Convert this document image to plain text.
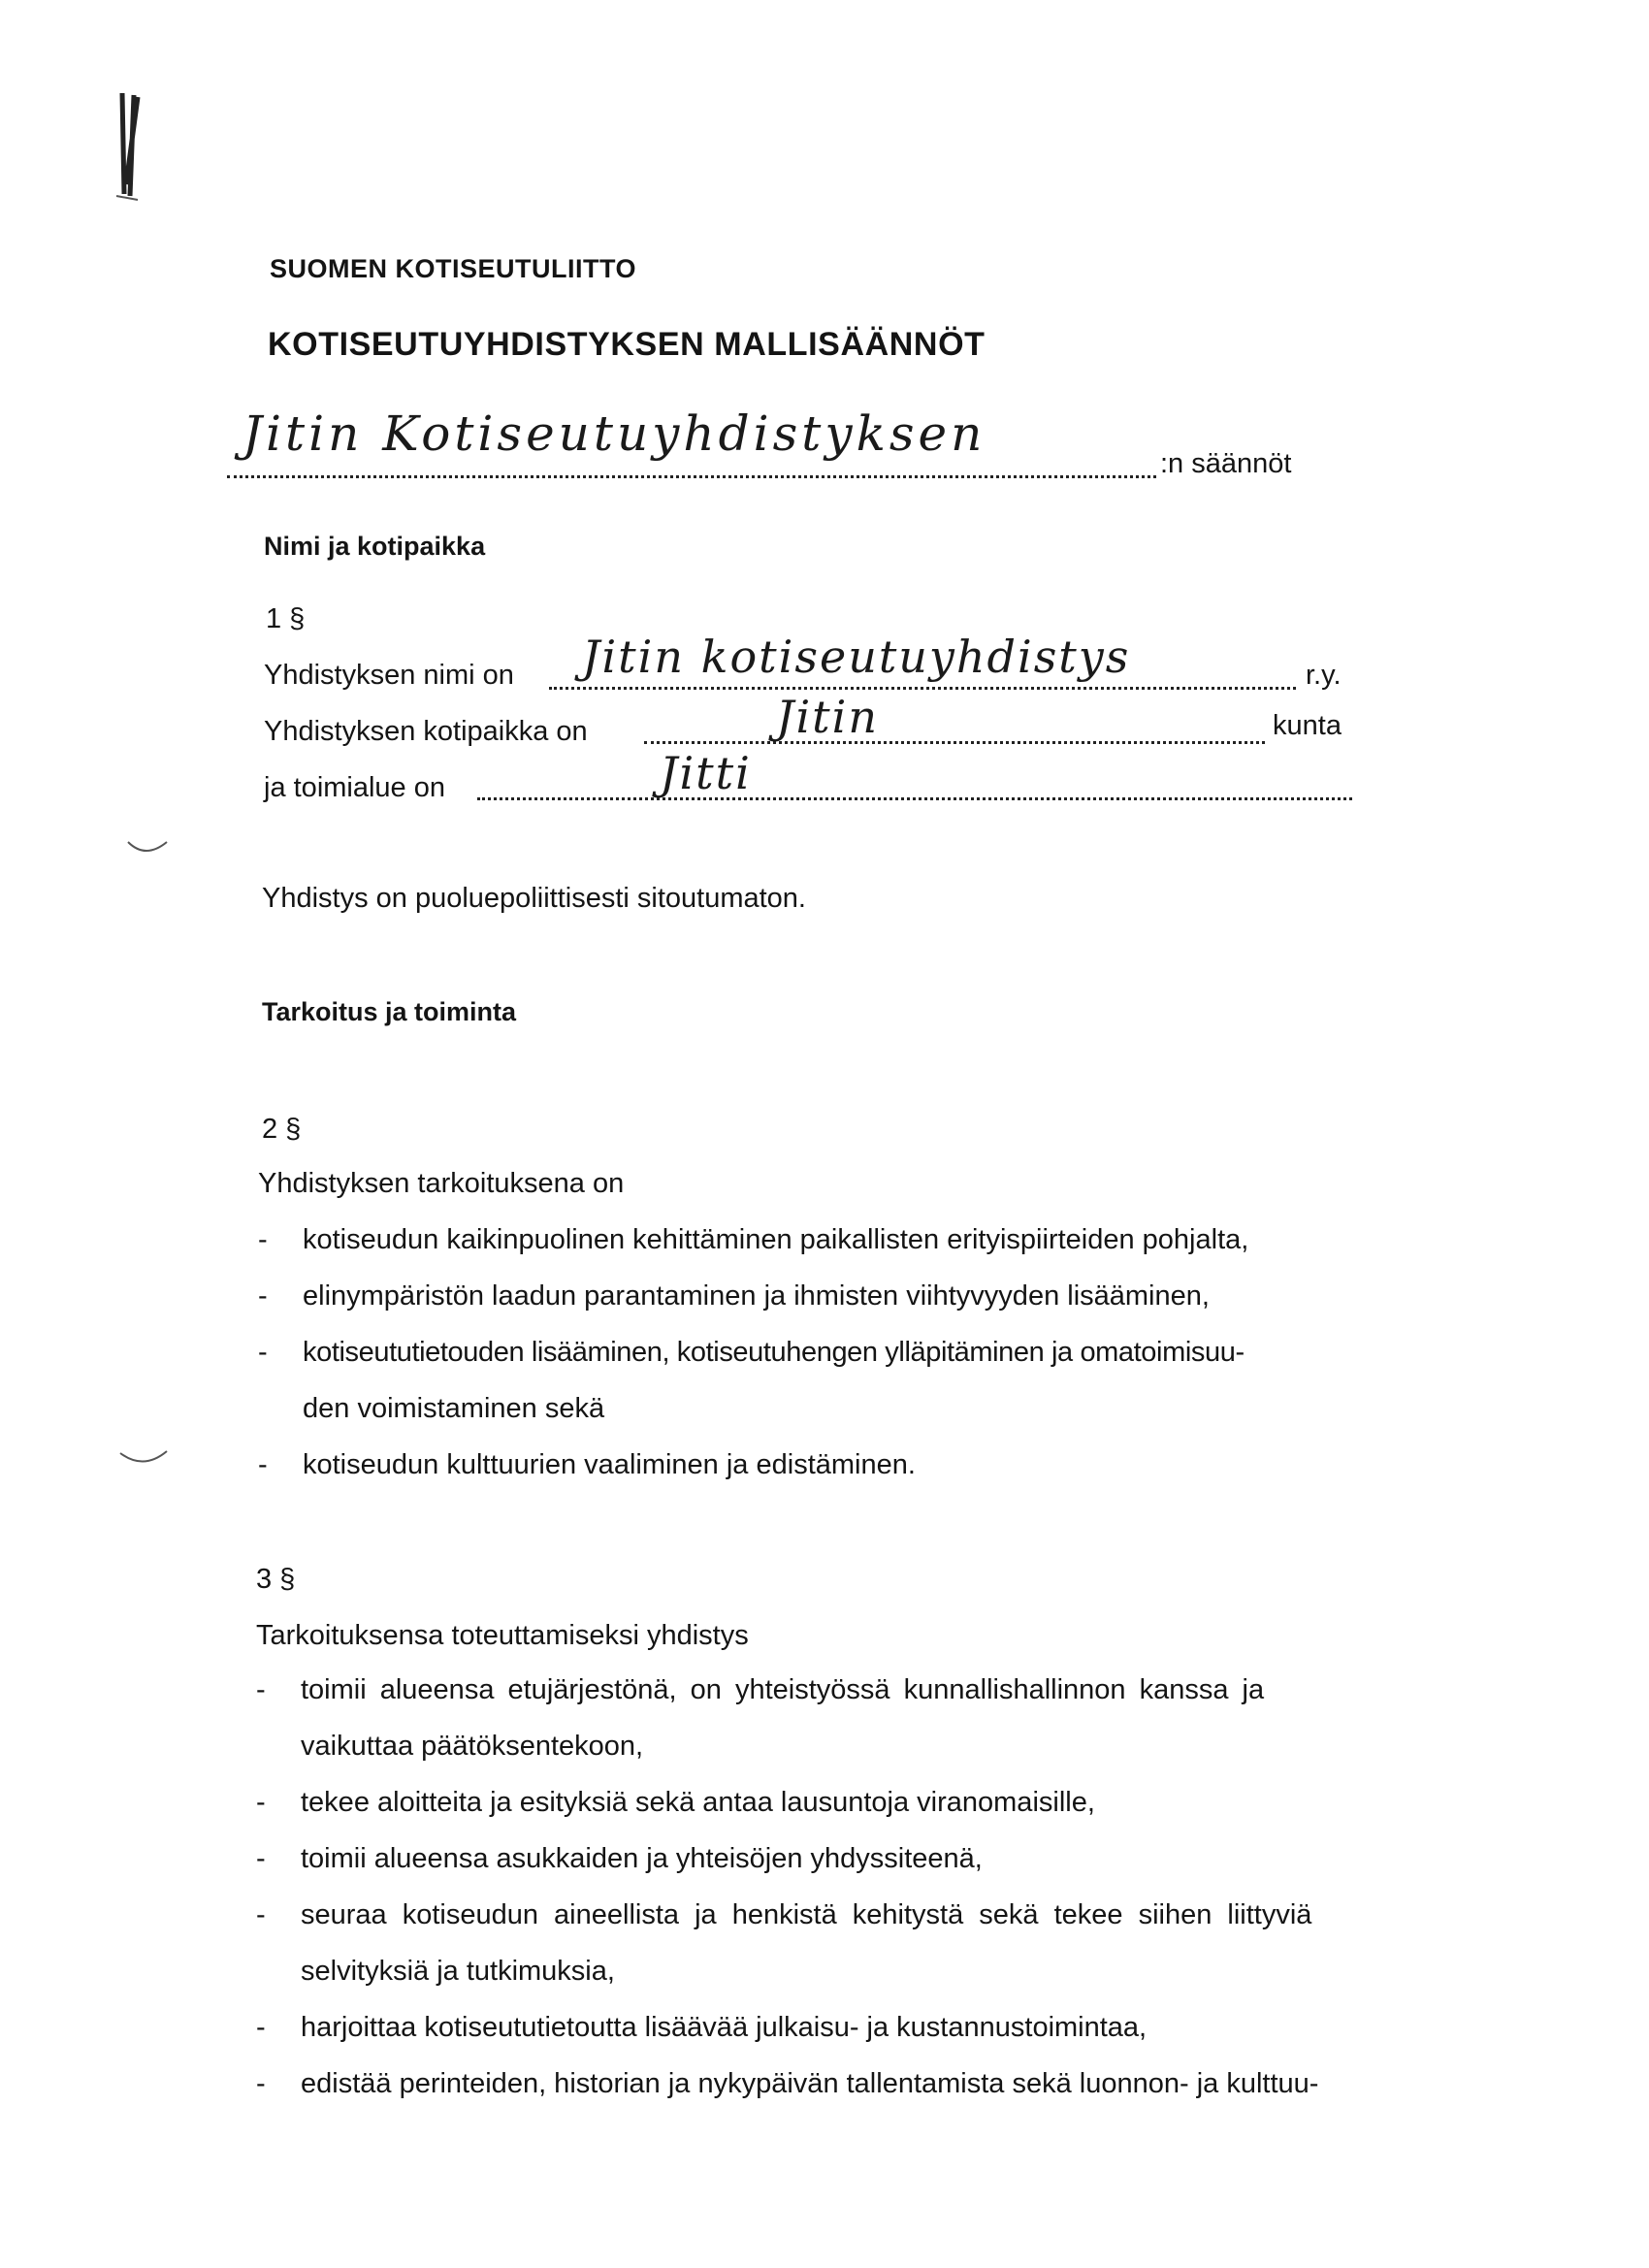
SUOMEN KOTISEUTULIITTO
KOTISEUTUYHDISTYKSEN MALLISÄÄNNÖT
Jitin Kotiseutuyhdistyksen
:n säännöt
Nimi ja kotipaikka
1 §
Yhdistyksen nimi on Jitin kotiseutuyhdistys	r.y.
Yhdistyksen kotipaikka on	Jitin	kunta
ja toimialue on	Jitti
Yhdistys on puoluepoliittisesti sitoutumaton.
Tarkoitus ja toiminta
2 §
Yhdistyksen tarkoituksena on
- kotiseudun kaikinpuolinen kehittäminen paikallisten erityispiirteiden pohjalta,
- elinympäristön laadun parantaminen ja ihmisten viihtyvyyden lisääminen,
- kotiseututietouden lisääminen, kotiseutuhengen ylläpitäminen ja omatoimisuu-
den voimistaminen sekä
- kotiseudun kulttuurien vaaliminen ja edistäminen.
3 §
Tarkoituksensa toteuttamiseksi yhdistys
- toimii alueensa etujärjestönä, on yhteistyössä kunnallishallinnon kanssa ja
vaikuttaa päätöksentekoon,
- tekee aloitteita ja esityksiä sekä antaa lausuntoja viranomaisille,
- toimii alueensa asukkaiden ja yhteisöjen yhdyssiteenä,
- seuraa kotiseudun aineellista ja henkistä kehitystä sekä tekee siihen liittyviä
selvityksiä ja tutkimuksia,
- harjoittaa kotiseututietoutta lisäävää julkaisu- ja kustannustoimintaa,
- edistää perinteiden, historian ja nykypäivän tallentamista sekä luonnon- ja kulttuu-
